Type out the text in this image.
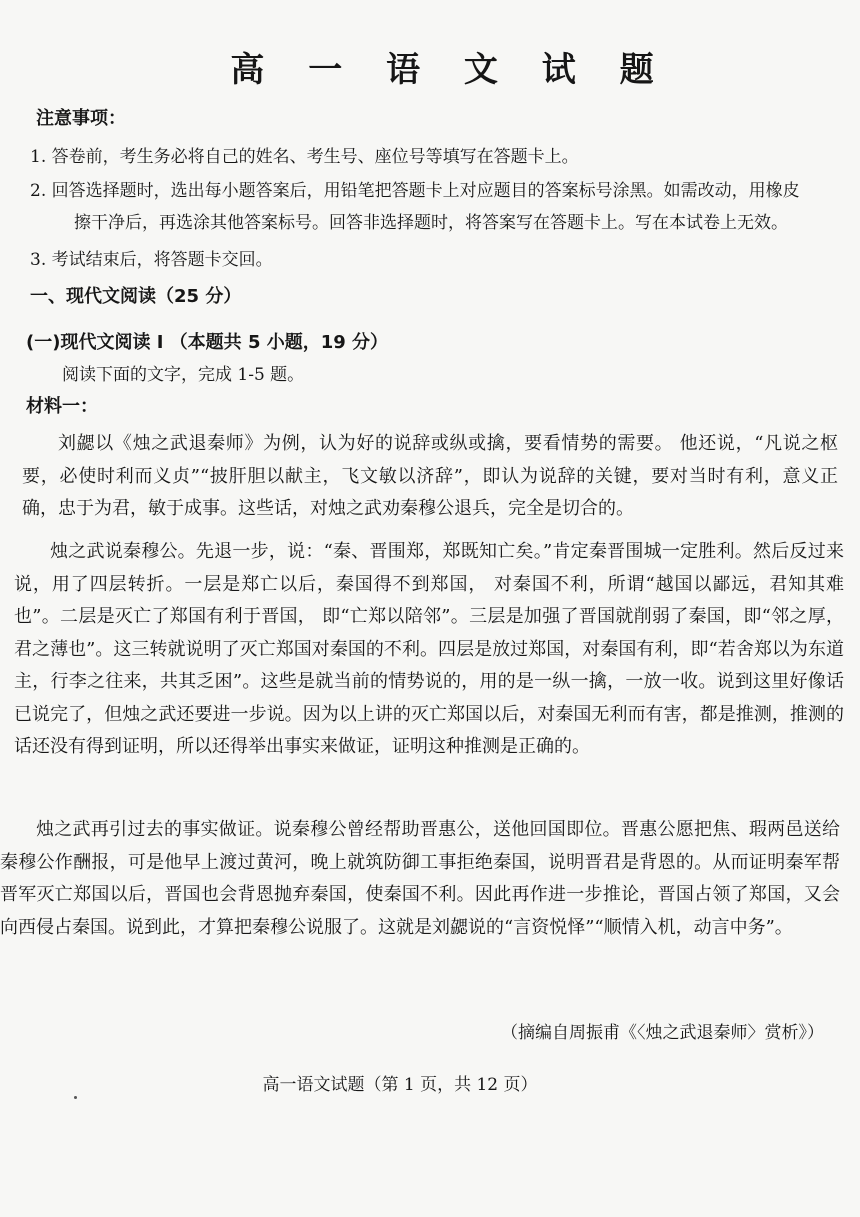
高 一 语 文 试 题
注意事项：
1. 答卷前，考生务必将自己的姓名、考生号、座位号等填写在答题卡上。
2. 回答选择题时，选出每小题答案后，用铅笔把答题卡上对应题目的答案标号涂黑。如需改动，用橡皮
擦干净后，再选涂其他答案标号。回答非选择题时，将答案写在答题卡上。写在本试卷上无效。
3. 考试结束后，将答题卡交回。
一、现代文阅读（25 分）
(一)现代文阅读 I （本题共 5 小题，19 分）
阅读下面的文字，完成 1-5 题。
材料一：
刘勰以《烛之武退秦师》为例，认为好的说辞或纵或擒，要看情势的需要。 他还说，“凡说之枢要，必使时利而义贞”“披肝胆以献主，飞文敏以济辞”，即认为说辞的关键，要对当时有利，意义正确，忠于为君，敏于成事。这些话，对烛之武劝秦穆公退兵，完全是切合的。
烛之武说秦穆公。先退一步，说：“秦、晋围郑，郑既知亡矣。”肯定秦晋围城一定胜利。然后反过来说，用了四层转折。一层是郑亡以后，秦国得不到郑国， 对秦国不利，所谓“越国以鄙远，君知其难也”。二层是灭亡了郑国有利于晋国， 即“亡郑以陪邻”。三层是加强了晋国就削弱了秦国，即“邻之厚，君之薄也”。这三转就说明了灭亡郑国对秦国的不利。四层是放过郑国，对秦国有利，即“若舍郑以为东道主，行李之往来，共其乏困”。这些是就当前的情势说的，用的是一纵一擒，一放一收。说到这里好像话已说完了，但烛之武还要进一步说。因为以上讲的灭亡郑国以后，对秦国无利而有害，都是推测，推测的话还没有得到证明，所以还得举出事实来做证，证明这种推测是正确的。
烛之武再引过去的事实做证。说秦穆公曾经帮助晋惠公，送他回国即位。晋惠公愿把焦、瑕两邑送给秦穆公作酬报，可是他早上渡过黄河，晚上就筑防御工事拒绝秦国，说明晋君是背恩的。从而证明秦军帮晋军灭亡郑国以后，晋国也会背恩抛弃秦国，使秦国不利。因此再作进一步推论，晋国占领了郑国，又会向西侵占秦国。说到此，才算把秦穆公说服了。这就是刘勰说的“言资悦怿”“顺情入机，动言中务”。
（摘编自周振甫《〈烛之武退秦师〉赏析》）
高一语文试题（第 1 页，共 12 页）
